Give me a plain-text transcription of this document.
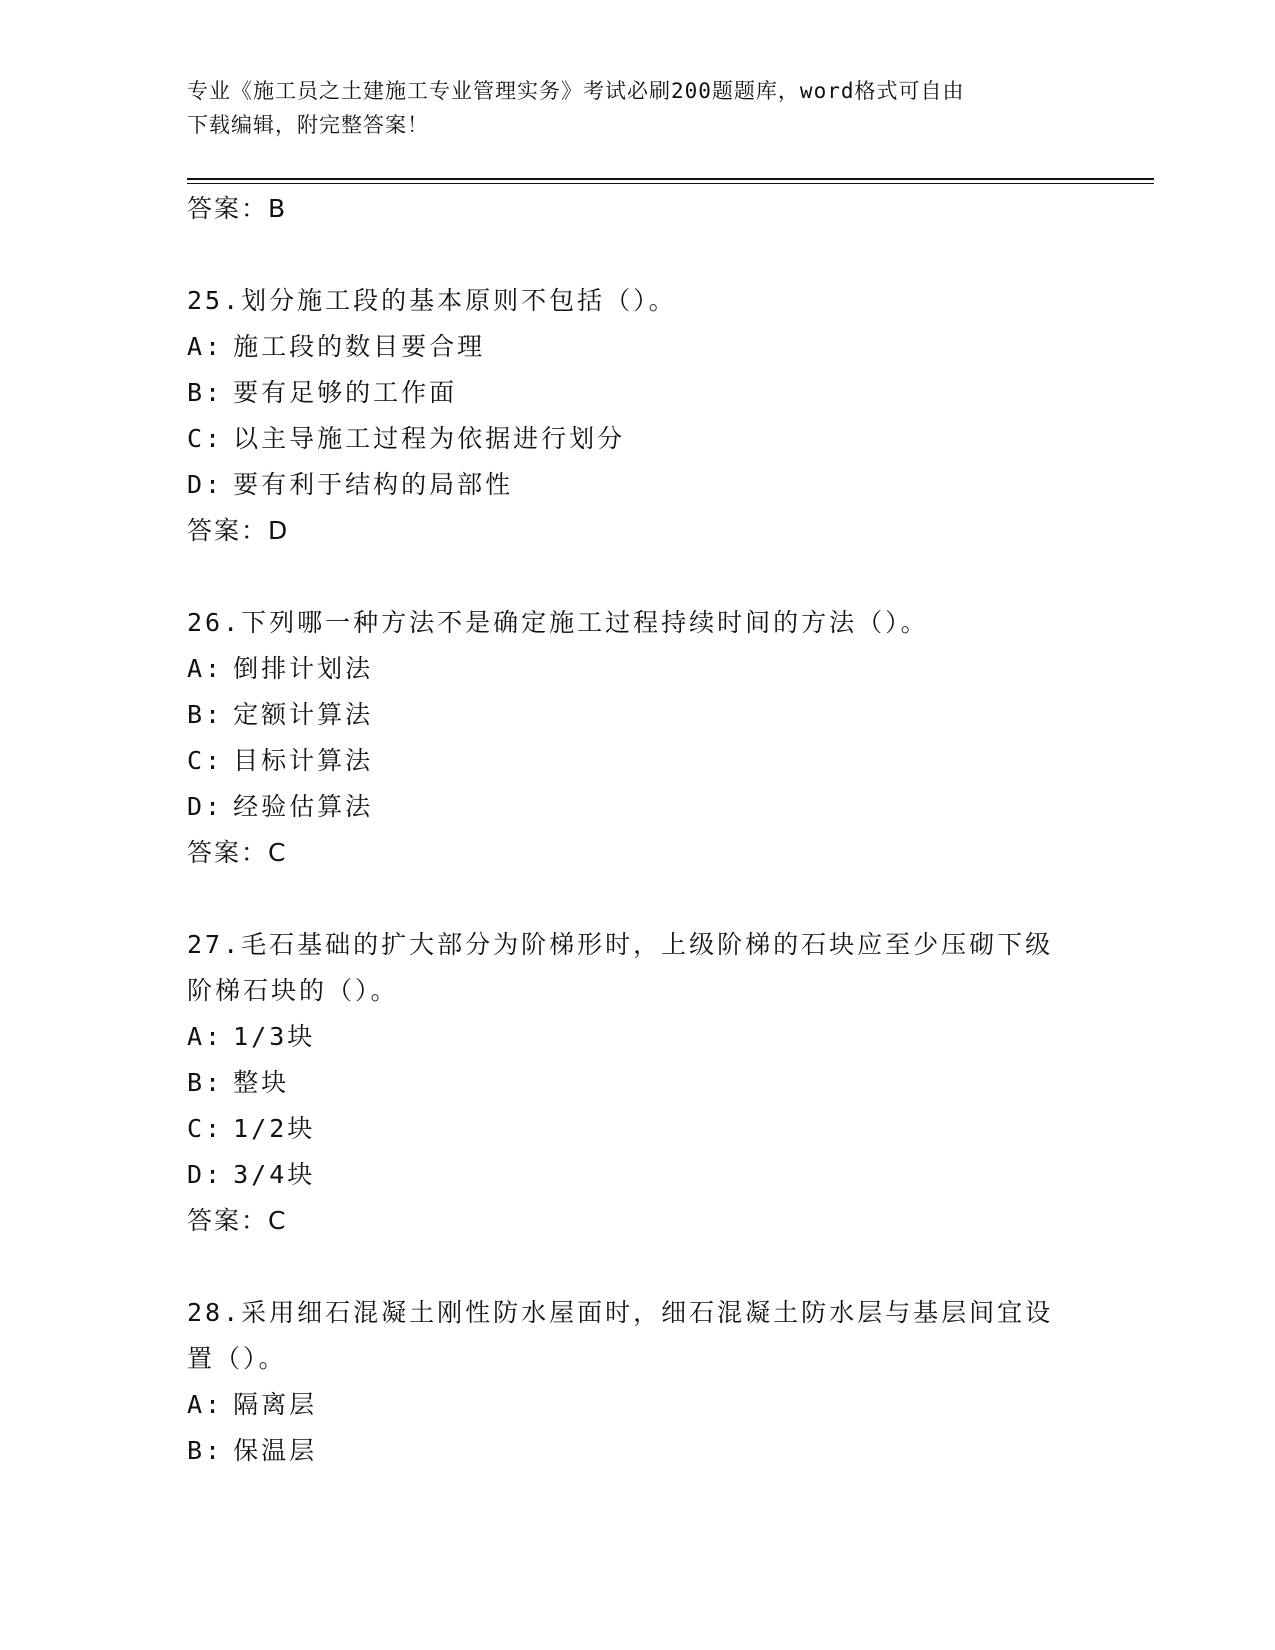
专业《施工员之土建施工专业管理实务》考试必刷200题题库，word格式可自由
下载编辑，附完整答案！
答案：B
25.划分施工段的基本原则不包括（）。
A: 施工段的数目要合理
B: 要有足够的工作面
C: 以主导施工过程为依据进行划分
D: 要有利于结构的局部性
答案：D
26.下列哪一种方法不是确定施工过程持续时间的方法（）。
A: 倒排计划法
B: 定额计算法
C: 目标计算法
D: 经验估算法
答案：C
27.毛石基础的扩大部分为阶梯形时，上级阶梯的石块应至少压砌下级
阶梯石块的（）。
A: 1/3块
B: 整块
C: 1/2块
D: 3/4块
答案：C
28.采用细石混凝土刚性防水屋面时，细石混凝土防水层与基层间宜设
置（）。
A: 隔离层
B: 保温层
